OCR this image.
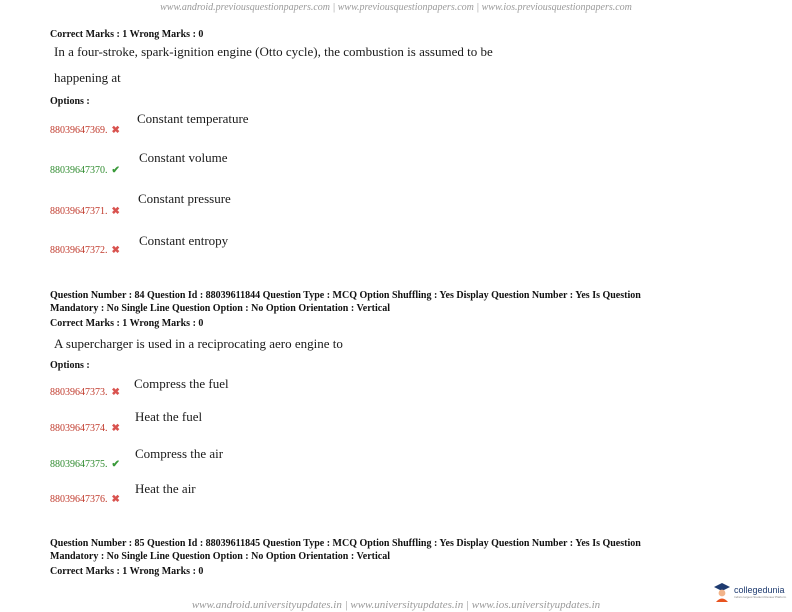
www.android.previousquestionpapers.com | www.previousquestionpapers.com | www.ios.previousquestionpapers.com
Correct Marks : 1 Wrong Marks : 0
In a four-stroke, spark-ignition engine (Otto cycle), the combustion is assumed to be
happening at
Options :
88039647369. ✖
Constant temperature
88039647370. ✔
Constant volume
88039647371. ✖
Constant pressure
88039647372. ✖
Constant entropy
Question Number : 84 Question Id : 88039611844 Question Type : MCQ Option Shuffling : Yes Display Question Number : Yes Is Question
Mandatory : No Single Line Question Option : No Option Orientation : Vertical
Correct Marks : 1 Wrong Marks : 0
A supercharger is used in a reciprocating aero engine to
Options :
88039647373. ✖
Compress the fuel
88039647374. ✖
Heat the fuel
88039647375. ✔
Compress the air
88039647376. ✖
Heat the air
Question Number : 85 Question Id : 88039611845 Question Type : MCQ Option Shuffling : Yes Display Question Number : Yes Is Question
Mandatory : No Single Line Question Option : No Option Orientation : Vertical
Correct Marks : 1 Wrong Marks : 0
collegedunia
India's largest Student Review Platform
www.android.universityupdates.in | www.universityupdates.in | www.ios.universityupdates.in
